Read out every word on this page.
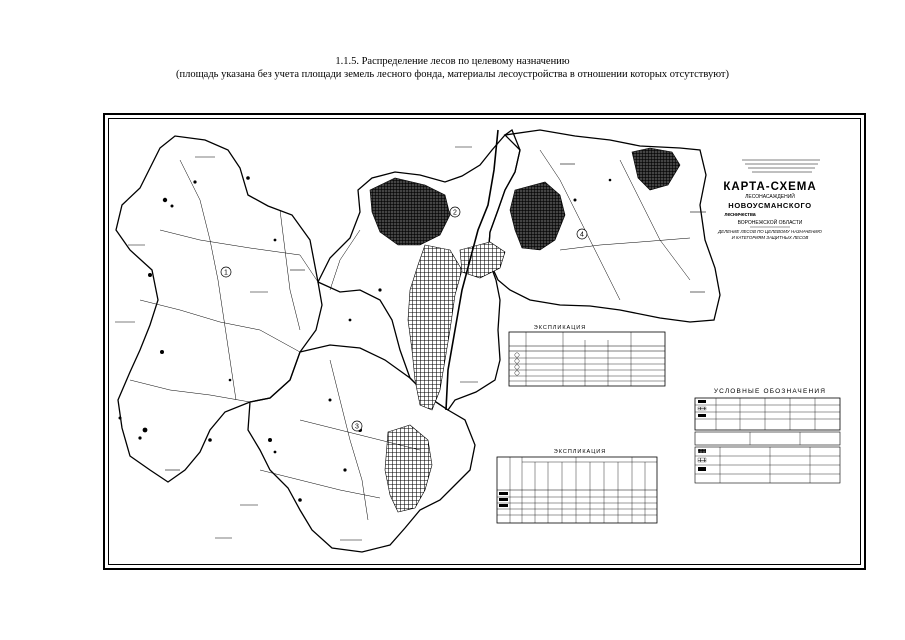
1.1.5. Распределение лесов по целевому назначению
(площадь указана без учета площади земель лесного фонда, материалы лесоустройства в отношении которых отсутствуют)
1
2
3
4
КАРТА-СХЕМА
ЛЕСОНАСАЖДЕНИЙ
НОВОУСМАНСКОГО
лесничества
ВОРОНЕЖСКОЙ ОБЛАСТИ
ДЕЛЕНИЕ ЛЕСОВ ПО ЦЕЛЕВОМУ НАЗНАЧЕНИЮ
И КАТЕГОРИЯМ ЗАЩИТНЫХ ЛЕСОВ
ЭКСПЛИКАЦИЯ
ЭКСПЛИКАЦИЯ
УСЛОВНЫЕ ОБОЗНАЧЕНИЯ
